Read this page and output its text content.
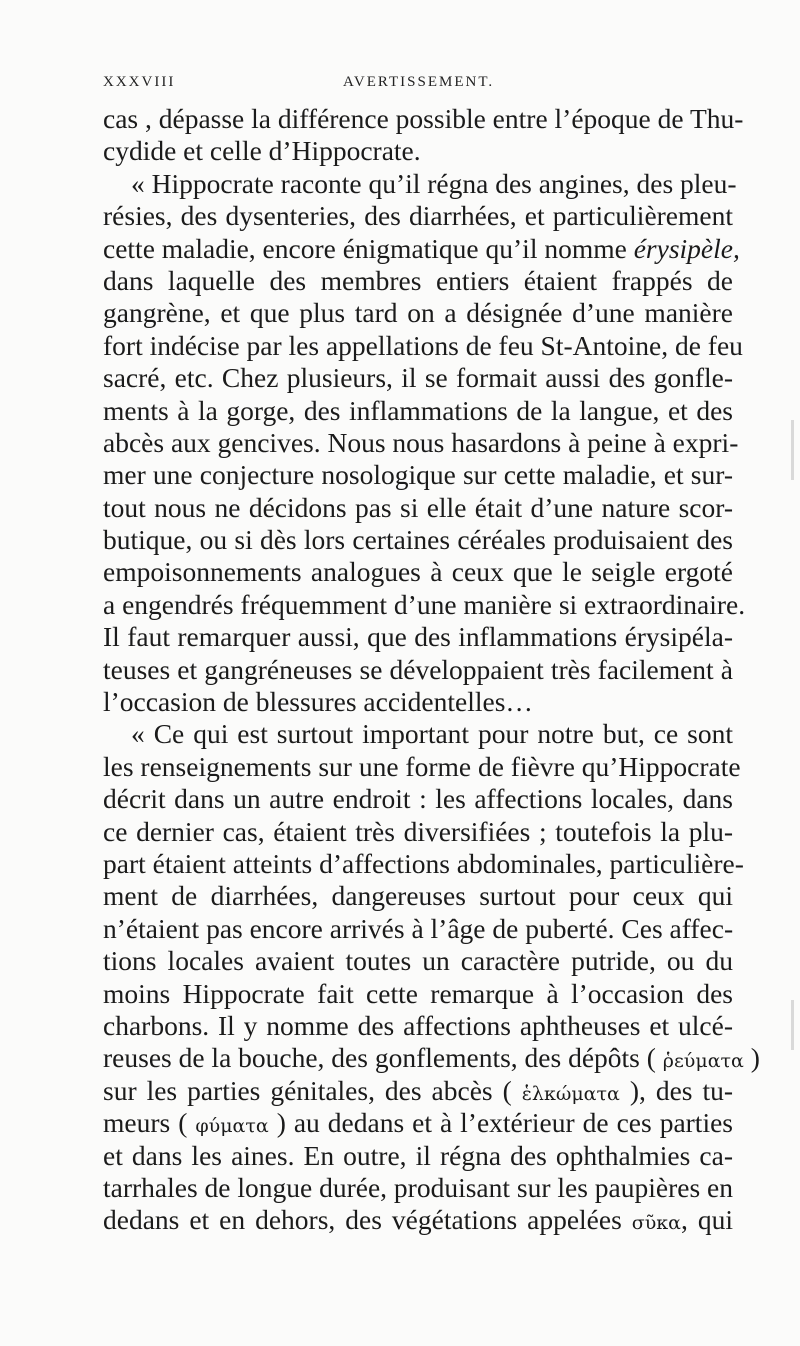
XXXVIII	AVERTISSEMENT.
cas , dépasse la différence possible entre l’époque de Thu-
cydide et celle d’Hippocrate.
« Hippocrate raconte qu’il régna des angines, des pleu-
résies, des dysenteries, des diarrhées, et particulièrement
cette maladie, encore énigmatique qu’il nomme érysipèle,
dans laquelle des membres entiers étaient frappés de
gangrène, et que plus tard on a désignée d’une manière
fort indécise par les appellations de feu St-Antoine, de feu
sacré, etc. Chez plusieurs, il se formait aussi des gonfle-
ments à la gorge, des inflammations de la langue, et des
abcès aux gencives. Nous nous hasardons à peine à expri-
mer une conjecture nosologique sur cette maladie, et sur-
tout nous ne décidons pas si elle était d’une nature scor-
butique, ou si dès lors certaines céréales produisaient des
empoisonnements analogues à ceux que le seigle ergoté
a engendrés fréquemment d’une manière si extraordinaire.
Il faut remarquer aussi, que des inflammations érysipéla-
teuses et gangréneuses se développaient très facilement à
l’occasion de blessures accidentelles…
« Ce qui est surtout important pour notre but, ce sont
les renseignements sur une forme de fièvre qu’Hippocrate
décrit dans un autre endroit : les affections locales, dans
ce dernier cas, étaient très diversifiées ; toutefois la plu-
part étaient atteints d’affections abdominales, particulière-
ment de diarrhées, dangereuses surtout pour ceux qui
n’étaient pas encore arrivés à l’âge de puberté. Ces affec-
tions locales avaient toutes un caractère putride, ou du
moins Hippocrate fait cette remarque à l’occasion des
charbons. Il y nomme des affections aphtheuses et ulcé-
reuses de la bouche, des gonflements, des dépôts ( ῥεύματα )
sur les parties génitales, des abcès ( ἑλκώματα ), des tu-
meurs ( φύματα ) au dedans et à l’extérieur de ces parties
et dans les aines. En outre, il régna des ophthalmies ca-
tarrhales de longue durée, produisant sur les paupières en
dedans et en dehors, des végétations appelées σῦκα, qui
